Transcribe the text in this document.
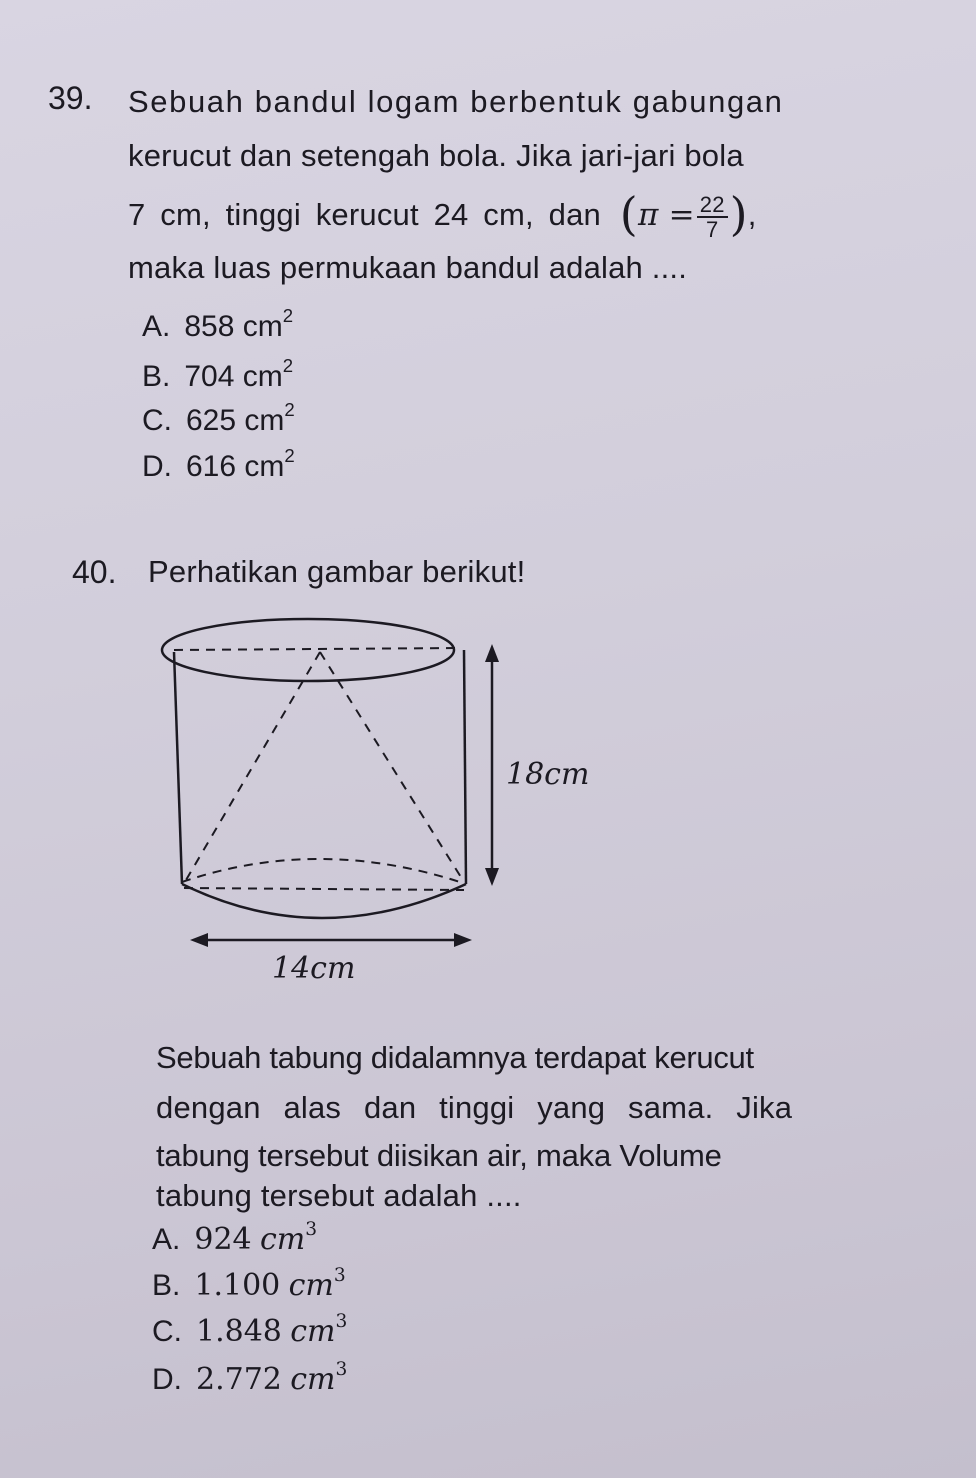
39. Sebuah bandul logam berbentuk gabungan
kerucut dan setengah bola. Jika jari-jari bola
7 cm, tinggi kerucut 24 cm, dan ($\pi = \frac{22}{7}$ ),
maka luas permukaan bandul adalah ....
A. 858 $cm^2$
B. 704 $cm^2$
C. 625 $cm^2$
D. 616 $cm^2$
40. Perhatikan gambar berikut!
18cm
14cm
Sebuah tabung didalamnya terdapat kerucut
dengan alas dan tinggi yang sama. Jika
tabung tersebut diisikan air, maka Volume
tabung tersebut adalah ....
A. 924 $cm^3$
B. 1.100 $cm^3$
C. 1.848 $cm^3$
D. 2.772 $cm^3$
